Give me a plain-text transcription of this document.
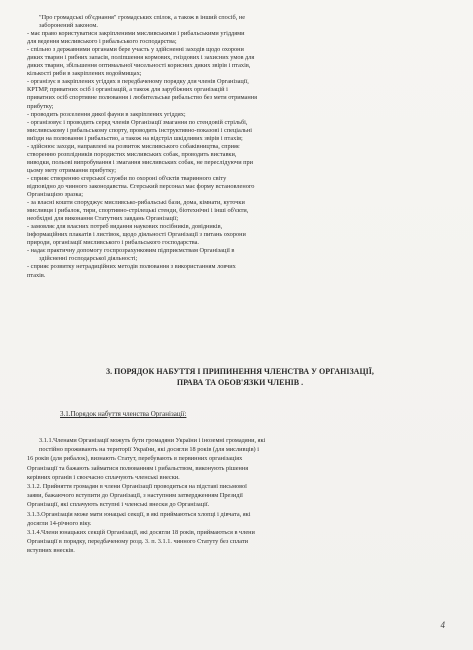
"Про громадські об'єднання" громадських спілок, а також в інший спосіб, не

заборонений законом.

- має право користуватися закріпленими мисливськими і рибальськими угіддями

для ведення мисливського і рибальського господарства;

- спільно з державними органами бере участь у здійсненні заходів щодо охорони

диких тварин і рибних запасів, поліпшення кормових, гніздових і захисних умов для

диких тварин, збільшення оптимальної чисельності корисних диких звірів і птахів,

кількості риби в закріплених водоймищах;

- організує в закріплених угіддях в передбаченому порядку для членів Організації,

КРТМР, приватних осіб і організацій, а також для зарубіжних організацій і

приватних осіб спортивне полювання і любительське рибальство без мети отримання

прибутку;

- проводить розселення дикої фауни в закріплених угіддях;

- організовує і проводить серед членів Організації змагання по стендовій стрільбі,

мисливському і рибальському спорту, проводить інструктивно-показові і спеціальні

виїзди на полювання і рибальство, а також на відстріл шкідливих звірів і птахів;

- здійснює заходи, направлені на розвиток мисливського собаківництва, сприяє

створенню розплідників породистих мисливських собак, проводить виставки,

виводки, польові випробування і змагання мисливських собак, не переслідуючи при

цьому мету отримання прибутку;

- сприяє створенню єгерської служби по охороні об'єктів тваринного світу

відповідно до чинного законодавства. Єгерський персонал має форму встановленого

Організацією зразка;

- за власні кошти споруджує мисливсько-рибальські бази, дома, кімнати, куточки

мисливця і рибалок, тири, спортивно-стрілецькі стенди, біотехнічні і інші об'єкти,

необхідні для виконання Статутних завдань Організації;

- замовляє для власних потреб видання наукових посібників, довідників,

інформаційних плакатів і листівок, щодо діяльності Організації з питань охорони

природи, організації мисливського і рибальського господарства.

- надає практичну допомогу госпрозрахунковим підприємствам Організації в

здійсненні господарської діяльності;

- сприяє розвитку нетрадиційних методів полювання з використанням ловчих

птахів.

3. ПОРЯДОК НАБУТТЯ І ПРИПИНЕННЯ ЧЛЕНСТВА У ОРГАНІЗАЦІЇ,
ПРАВА ТА ОБОВ'ЯЗКИ ЧЛЕНІВ .
3.1.Порядок набуття членства Організації:

3.1.1.Членами Організації можуть бути громадяни України і іноземні громадяни, які

постійно проживають на території України, які досягли 18 років (для мисливців) і

16 років (для рибалок), визнають Статут, перебувають в первинних організаціях

Організації та бажають займатися полюванням і рибальством, виконують рішення

керівних органів і своєчасно сплачують членські внески.

3.1.2. Прийняття громадян в члени Організації проводиться на підставі письмової

заяви, бажаючого вступити до Організації, з наступним затвердженням Президії

Організації, які сплачують вступні і членські внески до Організації.

3.1.3.Організація може мати юнацькі секції, в які приймаються хлопці і дівчата, які

досягли 14-річного віку.

3.1.4.Члени юнацьких секцій Організації, які досягли 18 років, приймаються в члени

Організації в порядку, передбаченому розд. 3. п. 3.1.1. чинного Статуту без сплати

вступних внесків.

4
